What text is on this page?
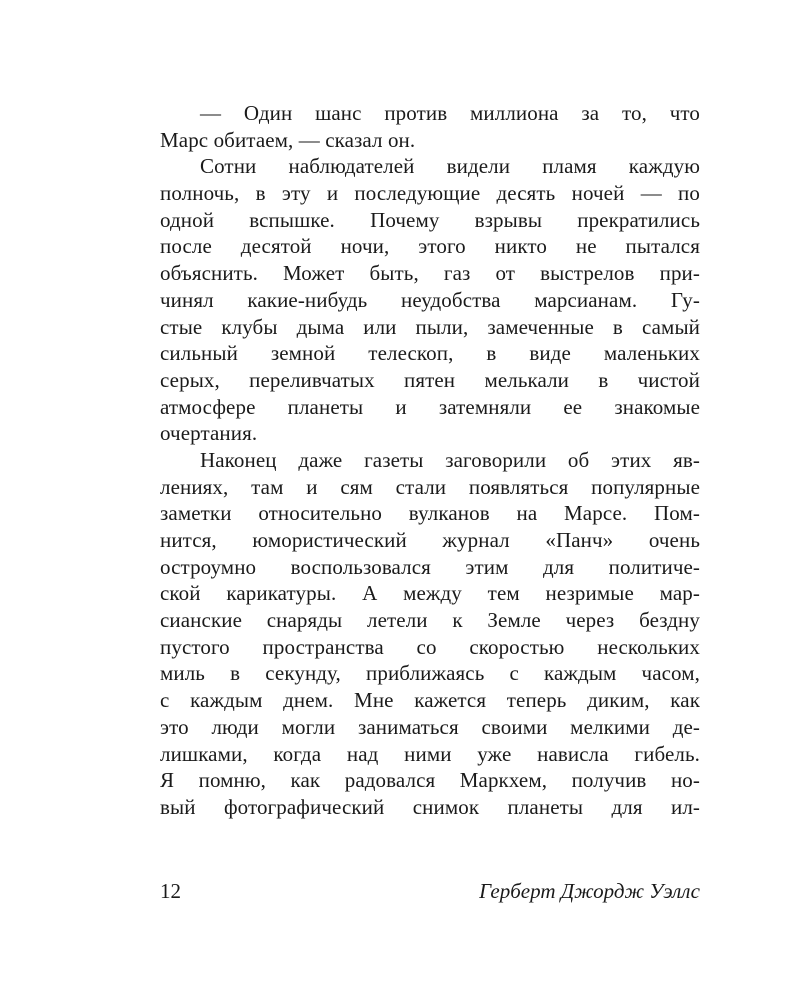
— Один шанс против миллиона за то, что
Марс обитаем, — сказал он.
Сотни наблюдателей видели пламя каждую
полночь, в эту и последующие десять ночей — по
одной вспышке. Почему взрывы прекратились
после десятой ночи, этого никто не пытался
объяснить. Может быть, газ от выстрелов при-
чинял какие-нибудь неудобства марсианам. Гу-
стые клубы дыма или пыли, замеченные в самый
сильный земной телескоп, в виде маленьких
серых, переливчатых пятен мелькали в чистой
атмосфере планеты и затемняли ее знакомые
очертания.
Наконец даже газеты заговорили об этих яв-
лениях, там и сям стали появляться популярные
заметки относительно вулканов на Марсе. Пом-
нится, юмористический журнал «Панч» очень
остроумно воспользовался этим для политиче-
ской карикатуры. А между тем незримые мар-
сианские снаряды летели к Земле через бездну
пустого пространства со скоростью нескольких
миль в секунду, приближаясь с каждым часом,
с каждым днем. Мне кажется теперь диким, как
это люди могли заниматься своими мелкими де-
лишками, когда над ними уже нависла гибель.
Я помню, как радовался Маркхем, получив но-
вый фотографический снимок планеты для ил-
12	Герберт Джордж Уэллс
